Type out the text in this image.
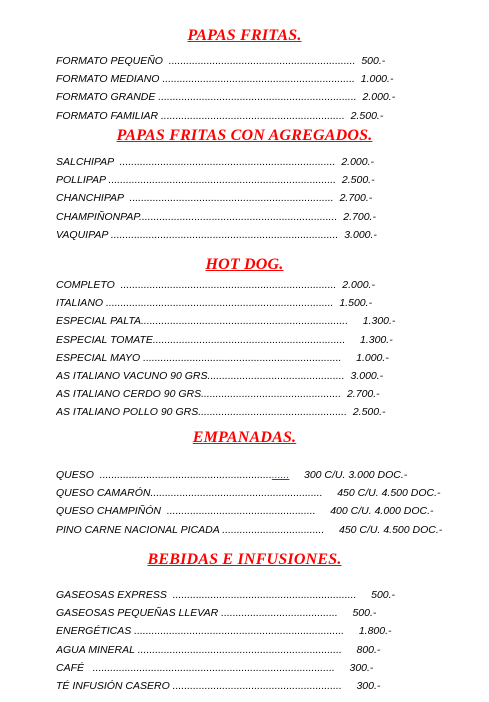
PAPAS FRITAS.
FORMATO PEQUEÑO  ................................................................  500.-
FORMATO MEDIANO ..................................................................  1.000.-
FORMATO GRANDE ....................................................................  2.000.-
FORMATO FAMILIAR ...............................................................  2.500.-
PAPAS FRITAS CON AGREGADOS.
SALCHIPAP  ..........................................................................  2.000.-
POLLIPAP ..............................................................................  2.500.-
CHANCHIPAP  ......................................................................  2.700.-
CHAMPIÑONPAP....................................................................  2.700.-
VAQUIPAP ..............................................................................  3.000.-
HOT DOG.
COMPLETO  ..........................................................................  2.000.-
ITALIANO ..............................................................................  1.500.-
ESPECIAL PALTA.......................................................................     1.300.-
ESPECIAL TOMATE..................................................................     1.300.-
ESPECIAL MAYO ....................................................................     1.000.-
AS ITALIANO VACUNO 90 GRS...............................................  3.000.-
AS ITALIANO CERDO 90 GRS................................................  2.700.-
AS ITALIANO POLLO 90 GRS...................................................  2.500.-
EMPANADAS.
QUESO  .................................................................     300 C/U. 3.000 DOC.-
QUESO CAMARÓN...........................................................     450 C/U. 4.500 DOC.-
QUESO CHAMPIÑÓN  ...................................................     400 C/U. 4.000 DOC.-
PINO CARNE NACIONAL PICADA ...................................     450 C/U. 4.500 DOC.-
BEBIDAS E INFUSIONES.
GASEOSAS EXPRESS  ...............................................................     500.-
GASEOSAS PEQUEÑAS LLEVAR ........................................     500.-
ENERGÉTICAS ........................................................................     1.800.-
AGUA MINERAL ......................................................................     800.-
CAFÉ   ...................................................................................     300.-
TÉ INFUSIÓN CASERO ..........................................................     300.-
